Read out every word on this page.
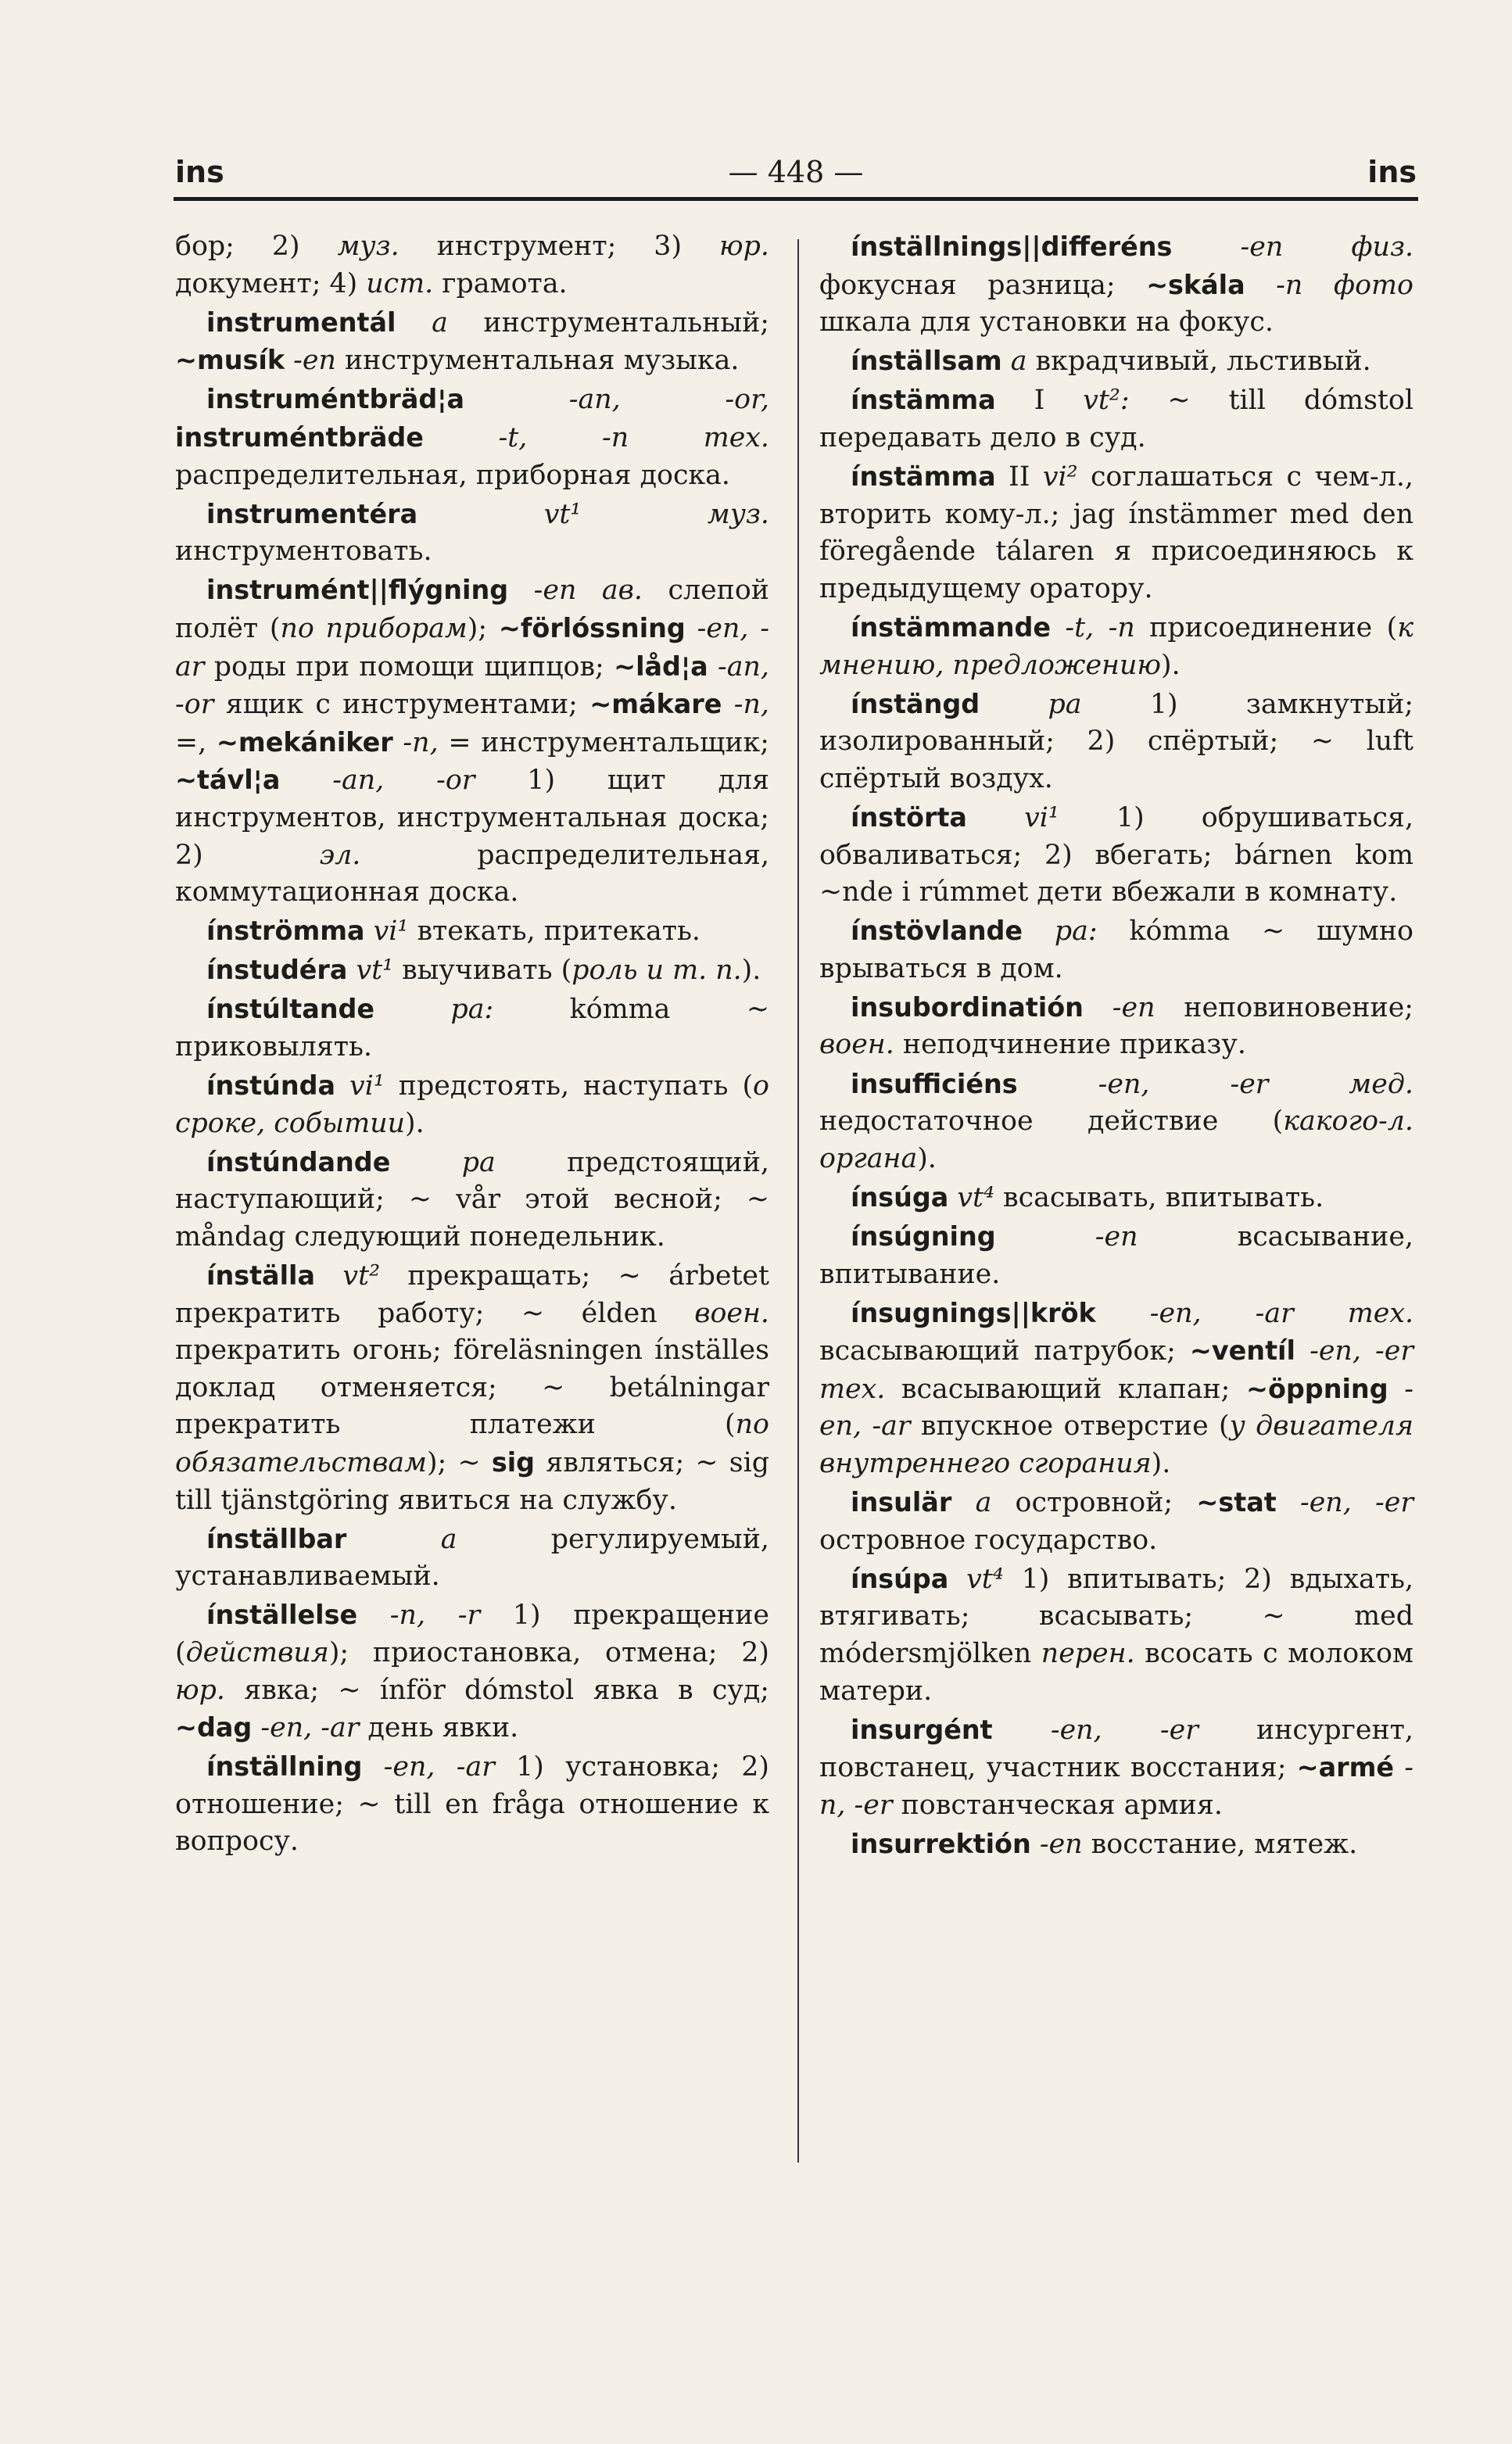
ins	— 448 —	ins

бор; 2) муз. инструмент; 3) юр. документ; 4) ист. грамота.

instrumentál a инструментальный; ~musík -en инструментальная музыка.

instruméntbräd¦a	-an, -or, instruméntbräde	-t, -n тех. распределительная, приборная доска.

instrumentéra	vt¹ муз. инструментовать.

instrumént||flýgning -en ав. слепой полёт (по приборам); ~förlóssning -en, -ar роды при помощи щипцов; ~låd¦a -an, -or ящик с инструментами; ~mákare -n, =, ~mekániker -n, = инструментальщик; ~távl¦a -an, -or 1) щит для инструментов, инструментальная доска; 2) эл. распределительная, коммутационная доска.

ínströmma vi¹ втекать, притекать.

ínstudéra vt¹ выучивать (роль и т. п.).

ínstúltande	pa: kómma ~ приковылять.

ínstúnda vi¹ предстоять, наступать (о сроке, событии).

ínstúndande	pa предстоящий, наступающий; ~ vår этой весной; ~ måndag следующий понедельник.

ínställa vt² прекращать; ~ árbetet прекратить работу; ~ élden воен. прекратить огонь; föreläsningen ínställes доклад отменяется; ~ betálningar прекратить платежи (по обязательствам); ~ sig являться; ~ sig till tjänstgöring явиться на службу.

ínställbar	a регулируемый, устанавливаемый.

ínställelse -n, -r 1) прекращение (действия); приостановка, отмена; 2) юр. явка; ~ ínför dómstol явка в суд; ~dag -en, -ar день явки.

ínställning -en, -ar 1) установка; 2) отношение; ~ till en fråga отношение к вопросу.

ínställnings||differéns	-en физ. фокусная разница; ~skála -n фото шкала для установки на фокус.

ínställsam a вкрадчивый, льстивый.

ínstämma I vt²: ~ till dómstol передавать дело в суд.

ínstämma II vi² соглашаться с чем-л., вторить кому-л.; jag ínstämmer med den föregående tálaren я присоединяюсь к предыдущему оратору.

ínstämmande -t, -n присоединение (к мнению, предложению).

ínstängd	pa 1) замкнутый; изолированный; 2) спёртый; ~ luft спёртый воздух.

ínstörta vi¹ 1) обрушиваться, обваливаться; 2) вбегать; bárnen kom ~nde i rúmmet дети вбежали в комнату.

ínstövlande pa: kómma ~ шумно врываться в дом.

insubordinatión -en неповиновение; воен. неподчинение приказу.

insufficiéns	-en, -er мед. недостаточное действие (какого-л. органа).

ínsúga vt⁴ всасывать, впитывать.

ínsúgning	-en всасывание, впитывание.

ínsugnings||krök -en, -ar тех. всасывающий патрубок; ~ventíl -en, -er тех. всасывающий клапан; ~öppning -en, -ar впускное отверстие (у двигателя внутреннего сгорания).

insulär a островной; ~stat -en, -er островное государство.

ínsúpa vt⁴ 1) впитывать; 2) вдыхать, втягивать; всасывать; ~ med módersmjölken перен. всосать с молоком матери.

insurgént -en, -er инсургент, повстанец, участник восстания; ~armé -n, -er повстанческая армия.

insurrektión -en восстание, мятеж.
